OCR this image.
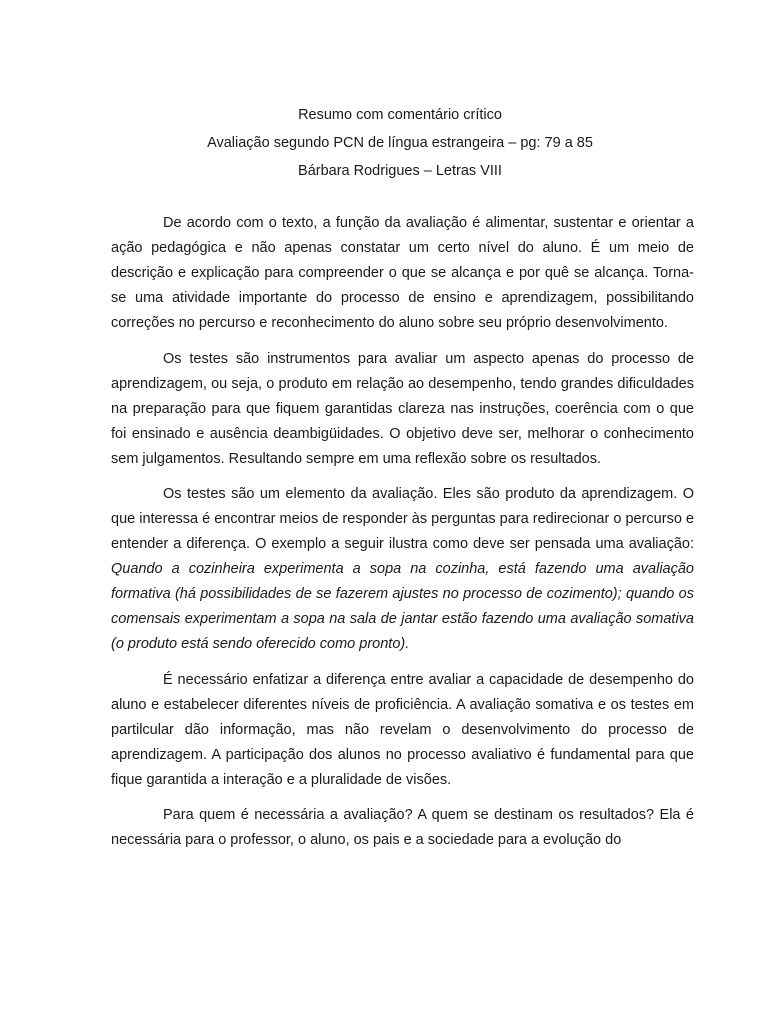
Resumo com comentário crítico
Avaliação segundo PCN de língua estrangeira – pg: 79 a 85
Bárbara Rodrigues – Letras VIII

De acordo com o texto, a função da avaliação é alimentar, sustentar e orientar a ação pedagógica e não apenas constatar um certo nível do aluno. É um meio de descrição e explicação para compreender o que se alcança e por quê se alcança. Torna-se uma atividade importante do processo de ensino e aprendizagem, possibilitando correções no percurso e reconhecimento do aluno sobre seu próprio desenvolvimento.

Os testes são instrumentos para avaliar um aspecto apenas do processo de aprendizagem, ou seja, o produto em relação ao desempenho, tendo grandes dificuldades na preparação para que fiquem garantidas clareza nas instruções, coerência com o que foi ensinado e ausência deambigüidades. O objetivo deve ser, melhorar o conhecimento sem julgamentos. Resultando sempre em uma reflexão sobre os resultados.

Os testes são um elemento da avaliação. Eles são produto da aprendizagem. O que interessa é encontrar meios de responder às perguntas para redirecionar o percurso e entender a diferença. O exemplo a seguir ilustra como deve ser pensada uma avaliação: Quando a cozinheira experimenta a sopa na cozinha, está fazendo uma avaliação formativa (há possibilidades de se fazerem ajustes no processo de cozimento); quando os comensais experimentam a sopa na sala de jantar estão fazendo uma avaliação somativa (o produto está sendo oferecido como pronto).

É necessário enfatizar a diferença entre avaliar a capacidade de desempenho do aluno e estabelecer diferentes níveis de proficiência. A avaliação somativa e os testes em partilcular dão informação, mas não revelam o desenvolvimento do processo de aprendizagem. A participação dos alunos no processo avaliativo é fundamental para que fique garantida a interação e a pluralidade de visões.

Para quem é necessária a avaliação? A quem se destinam os resultados? Ela é necessária para o professor, o aluno, os pais e a sociedade para a evolução do
